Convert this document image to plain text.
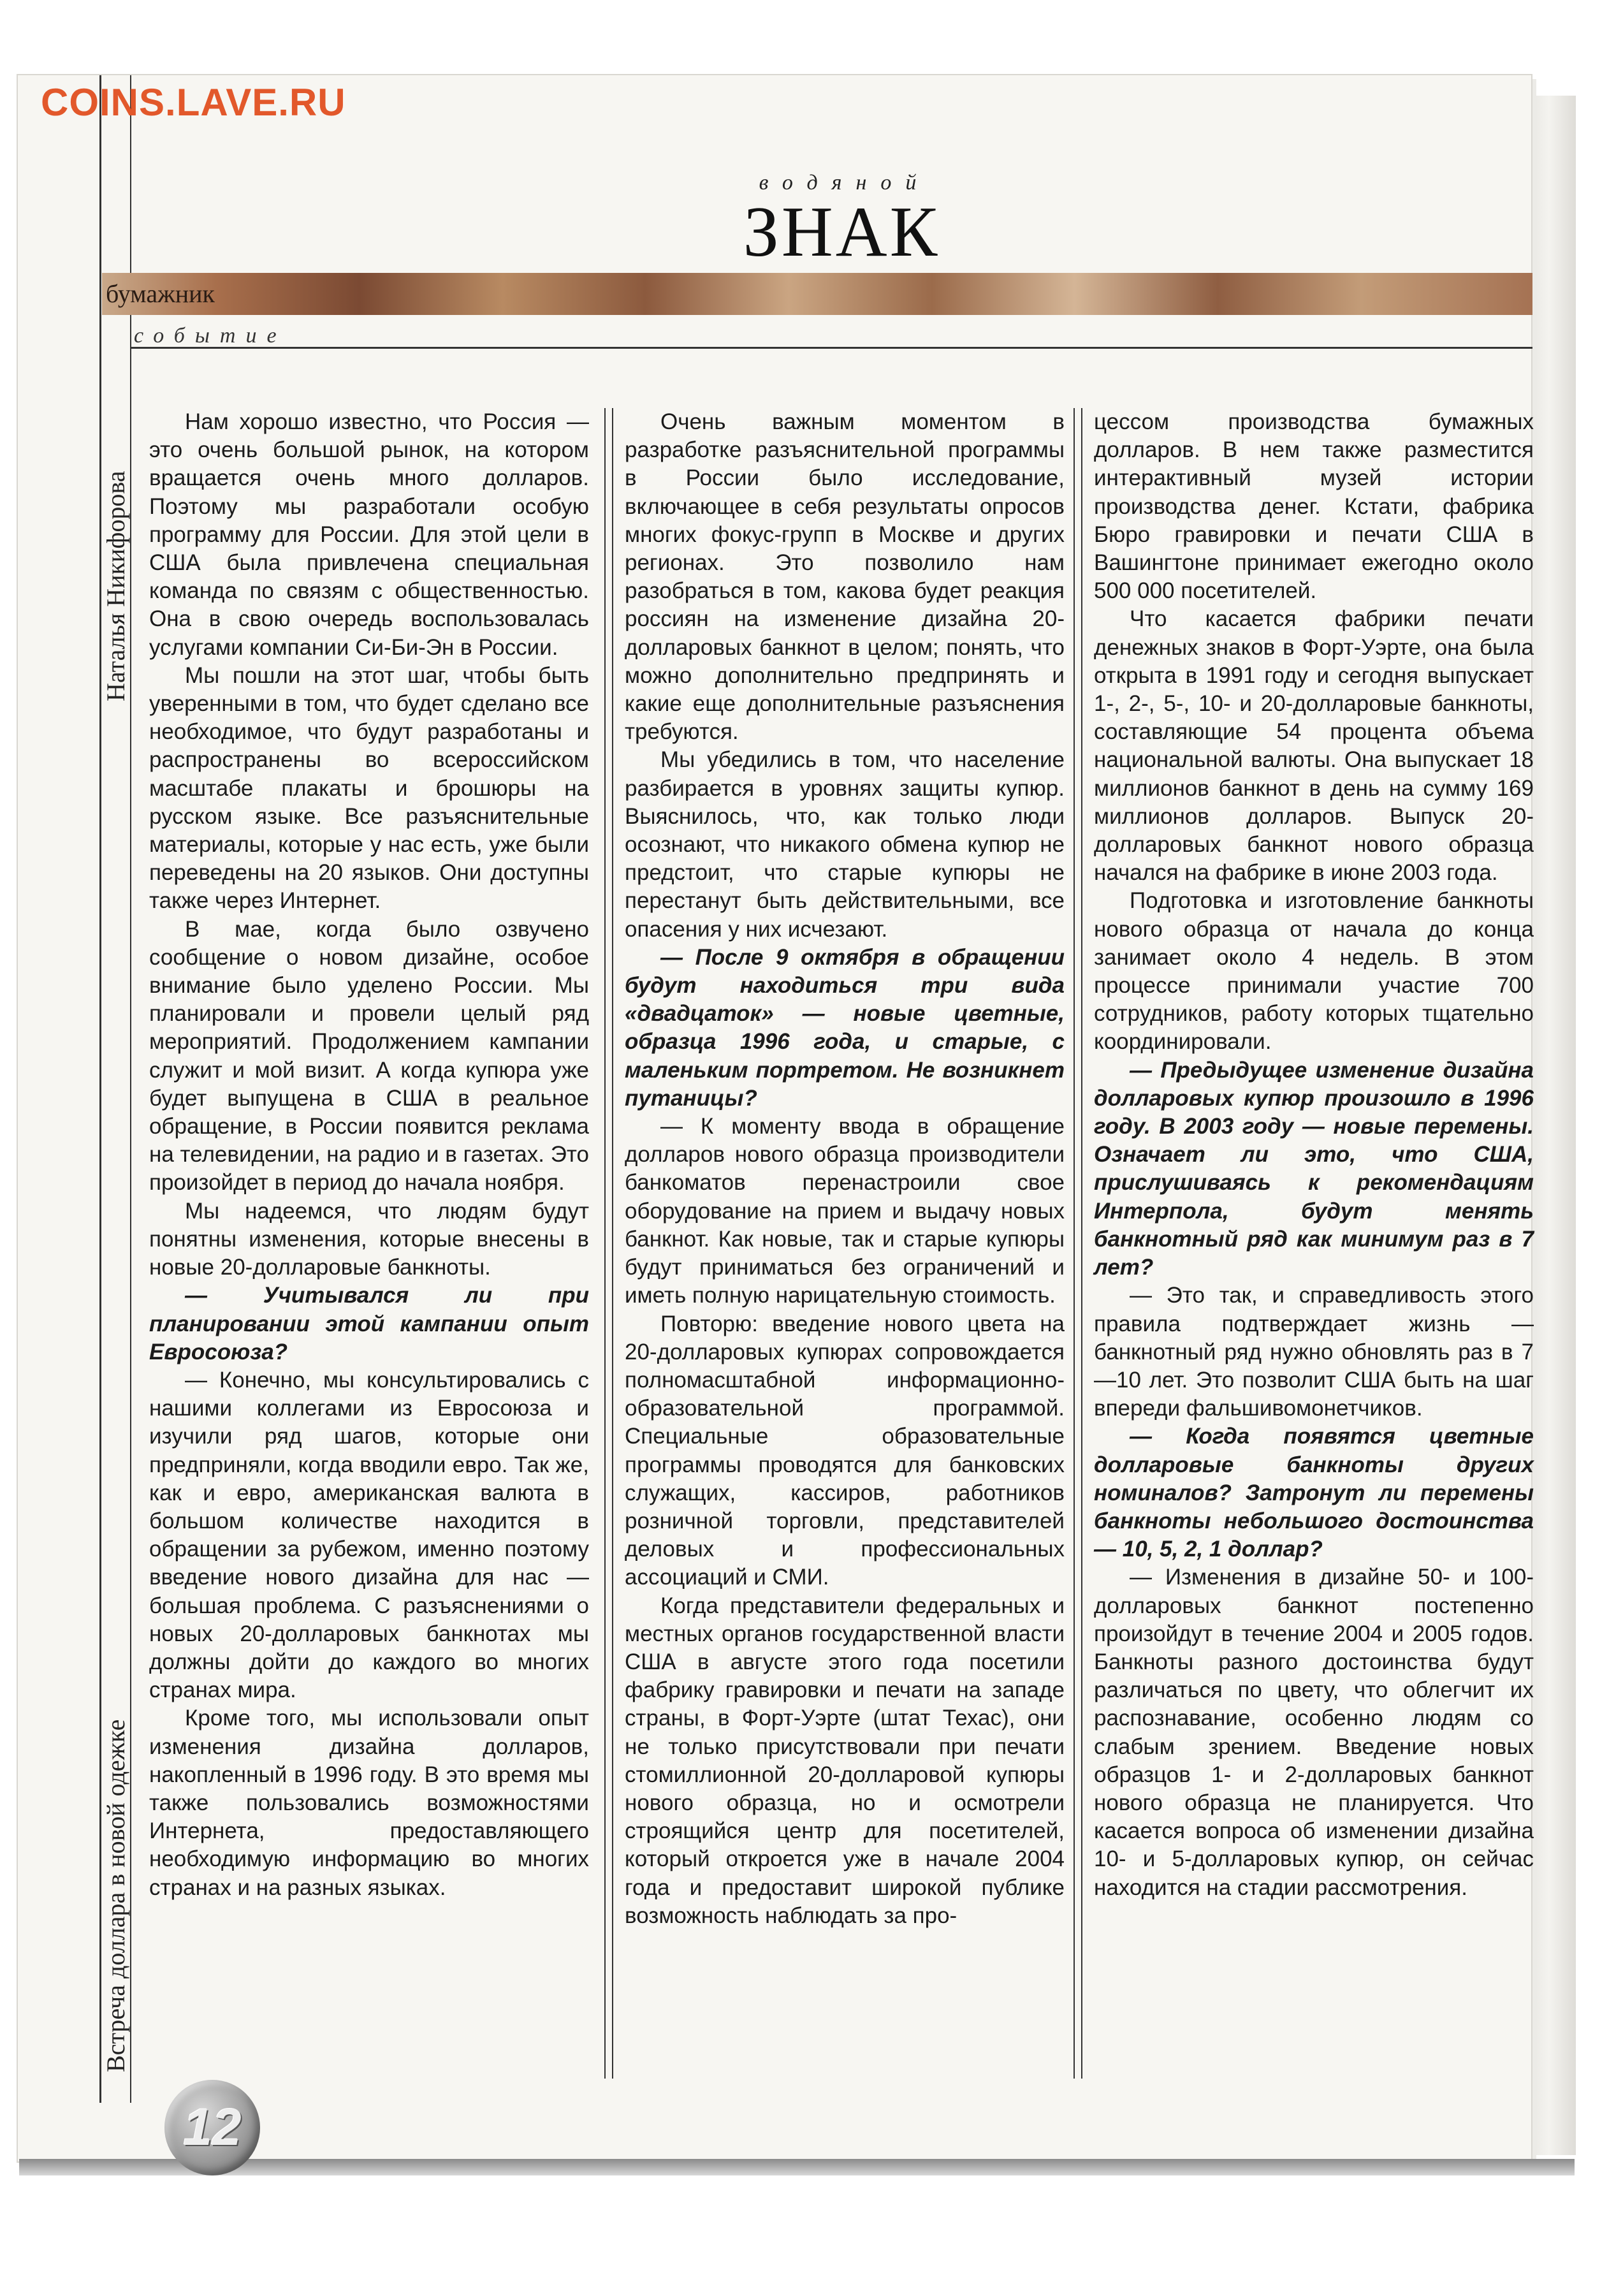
COINS.LAVE.RU
водяной
ЗНАК
бумажник
событие
Наталья Никифорова
Встреча доллара в новой одежке

Нам хорошо известно, что Россия — это очень большой рынок, на котором вращается очень много долларов. Поэтому мы разработали особую программу для России. Для этой цели в США была привлечена специальная команда по связям с общественностью. Она в свою очередь воспользовалась услугами компании Си-Би-Эн в России.

Мы пошли на этот шаг, чтобы быть уверенными в том, что будет сделано все необходимое, что будут разработаны и распространены во всероссийском масштабе плакаты и брошюры на русском языке. Все разъяснительные материалы, которые у нас есть, уже были переведены на 20 языков. Они доступны также через Интернет.

В мае, когда было озвучено сообщение о новом дизайне, особое внимание было уделено России. Мы планировали и провели целый ряд мероприятий. Продолжением кампании служит и мой визит. А когда купюра уже будет выпущена в США в реальное обращение, в России появится реклама на телевидении, на радио и в газетах. Это произойдет в период до начала ноября.

Мы надеемся, что людям будут понятны изменения, которые внесены в новые 20-долларовые банкноты.

— Учитывался ли при планировании этой кампании опыт Евросоюза?

— Конечно, мы консультировались с нашими коллегами из Евросоюза и изучили ряд шагов, которые они предприняли, когда вводили евро. Так же, как и евро, американская валюта в большом количестве находится в обращении за рубежом, именно поэтому введение нового дизайна для нас — большая проблема. С разъяснениями о новых 20-долларовых банкнотах мы должны дойти до каждого во многих странах мира.

Кроме того, мы использовали опыт изменения дизайна долларов, накопленный в 1996 году. В это время мы также пользовались возможностями Интернета, предоставляющего необходимую информацию во многих странах и на разных языках.

Очень важным моментом в разработке разъяснительной программы в России было исследование, включающее в себя результаты опросов многих фокус-групп в Москве и других регионах. Это позволило нам разобраться в том, какова будет реакция россиян на изменение дизайна 20-долларовых банкнот в целом; понять, что можно дополнительно предпринять и какие еще дополнительные разъяснения требуются.

Мы убедились в том, что население разбирается в уровнях защиты купюр. Выяснилось, что, как только люди осознают, что никакого обмена купюр не предстоит, что старые купюры не перестанут быть действительными, все опасения у них исчезают.

— После 9 октября в обращении будут находиться три вида «двадцаток» — новые цветные, образца 1996 года, и старые, с маленьким портретом. Не возникнет путаницы?

— К моменту ввода в обращение долларов нового образца производители банкоматов перенастроили свое оборудование на прием и выдачу новых банкнот. Как новые, так и старые купюры будут приниматься без ограничений и иметь полную нарицательную стоимость.

Повторю: введение нового цвета на 20-долларовых купюрах сопровождается полномасштабной информационно-образовательной программой. Специальные образовательные программы проводятся для банковских служащих, кассиров, работников розничной торговли, представителей деловых и профессиональных ассоциаций и СМИ.

Когда представители федеральных и местных органов государственной власти США в августе этого года посетили фабрику гравировки и печати на западе страны, в Форт-Уэрте (штат Техас), они не только присутствовали при печати стомиллионной 20-долларовой купюры нового образца, но и осмотрели строящийся центр для посетителей, который откроется уже в начале 2004 года и предоставит широкой публике возможность наблюдать за про-

цессом производства бумажных долларов. В нем также разместится интерактивный музей истории производства денег. Кстати, фабрика Бюро гравировки и печати США в Вашингтоне принимает ежегодно около 500 000 посетителей.

Что касается фабрики печати денежных знаков в Форт-Уэрте, она была открыта в 1991 году и сегодня выпускает 1-, 2-, 5-, 10- и 20-долларовые банкноты, составляющие 54 процента объема национальной валюты. Она выпускает 18 миллионов банкнот в день на сумму 169 миллионов долларов. Выпуск 20-долларовых банкнот нового образца начался на фабрике в июне 2003 года.

Подготовка и изготовление банкноты нового образца от начала до конца занимает около 4 недель. В этом процессе принимали участие 700 сотрудников, работу которых тщательно координировали.

— Предыдущее изменение дизайна долларовых купюр произошло в 1996 году. В 2003 году — новые перемены. Означает ли это, что США, прислушиваясь к рекомендациям Интерпола, будут менять банкнотный ряд как минимум раз в 7 лет?

— Это так, и справедливость этого правила подтверждает жизнь — банкнотный ряд нужно обновлять раз в 7—10 лет. Это позволит США быть на шаг впереди фальшивомонетчиков.

— Когда появятся цветные долларовые банкноты других номиналов? Затронут ли перемены банкноты небольшого достоинства — 10, 5, 2, 1 доллар?

— Изменения в дизайне 50- и 100-долларовых банкнот постепенно произойдут в течение 2004 и 2005 годов. Банкноты разного достоинства будут различаться по цвету, что облегчит их распознавание, особенно людям со слабым зрением. Введение новых образцов 1- и 2-долларовых банкнот нового образца не планируется. Что касается вопроса об изменении дизайна 10- и 5-долларовых купюр, он сейчас находится на стадии рассмотрения.

12
